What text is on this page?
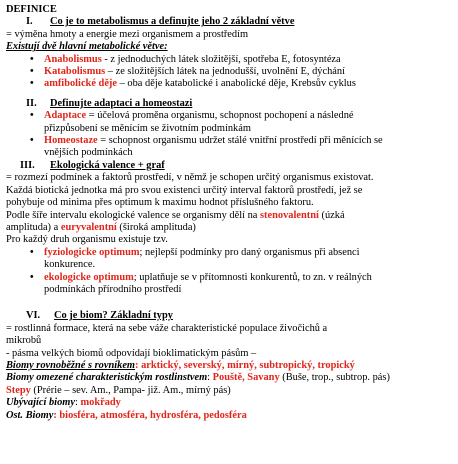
DEFINICE
I.	Co je to metabolismus a definujte jeho 2 základní větve
= výměna hmoty a energie mezi organismem a prostředím
Existují dvě hlavní metabolické větve:
• Anabolismus - z jednoduchých látek složitější, spotřeba E, fotosyntéza
• Katabolismus – ze složitějších látek na jednodušší, uvolnění E, dýchání
• amfibolické děje – oba děje katabolické i anabolické děje, Krebsův cyklus
II.	Definujte adaptaci a homeostazi
• Adaptace = účelová proměna organismu, schopnost pochopení a následné
přizpůsobení se měnícím se životním podmínkám
• Homeostaze = schopnost organismu udržet stálé vnitřní prostředí při měnících se
vnějších podmínkách
III.	Ekologická valence + graf
= rozmezí podmínek a faktorů prostředí, v němž je schopen určitý organismus existovat.
Každá biotická jednotka má pro svou existenci určitý interval faktorů prostředí, jež se
pohybuje od minima přes optimum k maximu hodnot příslušného faktoru.
Podle šíře intervalu ekologické valence se organismy dělí na stenovalentní (úzká
amplituda) a euryvalentní (široká amplituda)
Pro každý druh organismu existuje tzv.
• fyziologicke optimum; nejlepší podmínky pro daný organismus při absenci
konkurence.
• ekologicke optimum; uplatňuje se v přítomnosti konkurentů, to zn. v reálných
podmínkách přírodního prostředí
VI.	Co je biom? Základní typy
= rostlinná formace, která na sebe váže charakteristické populace živočichů a
mikrobů
- pásma velkých biomů odpovídají bioklimatickým pásům –
Biomy rovnoběžné s rovníkem: arktický, severský, mírný, subtropický, tropický
Biomy omezené charakteristickým rostlinstvem: Pouště, Savany (Buše, trop., subtrop. pás)
Stepy (Prérie – sev. Am., Pampa- již. Am., mírný pás)
Ubývající biomy: mokřady
Ost. Biomy: biosféra, atmosféra, hydrosféra, pedosféra
